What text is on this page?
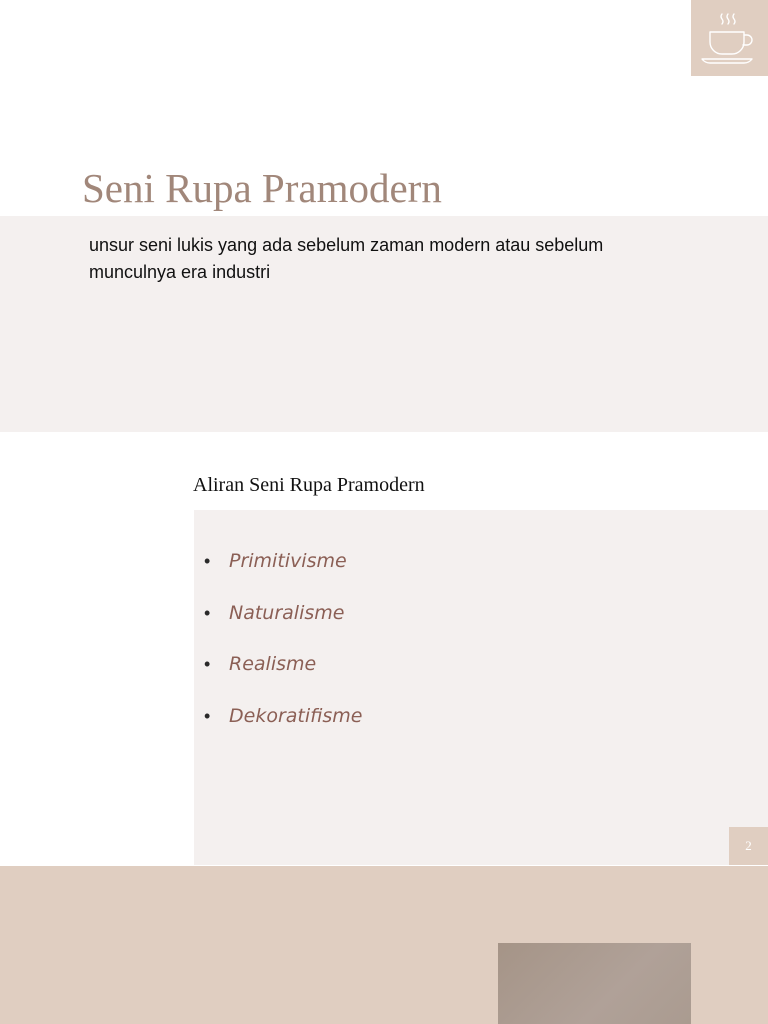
Seni Rupa Pramodern

unsur seni lukis yang ada sebelum zaman modern atau sebelum munculnya era industri

Aliran Seni Rupa Pramodern
• Primitivisme
• Naturalisme
• Realisme
• Dekoratifisme
2
